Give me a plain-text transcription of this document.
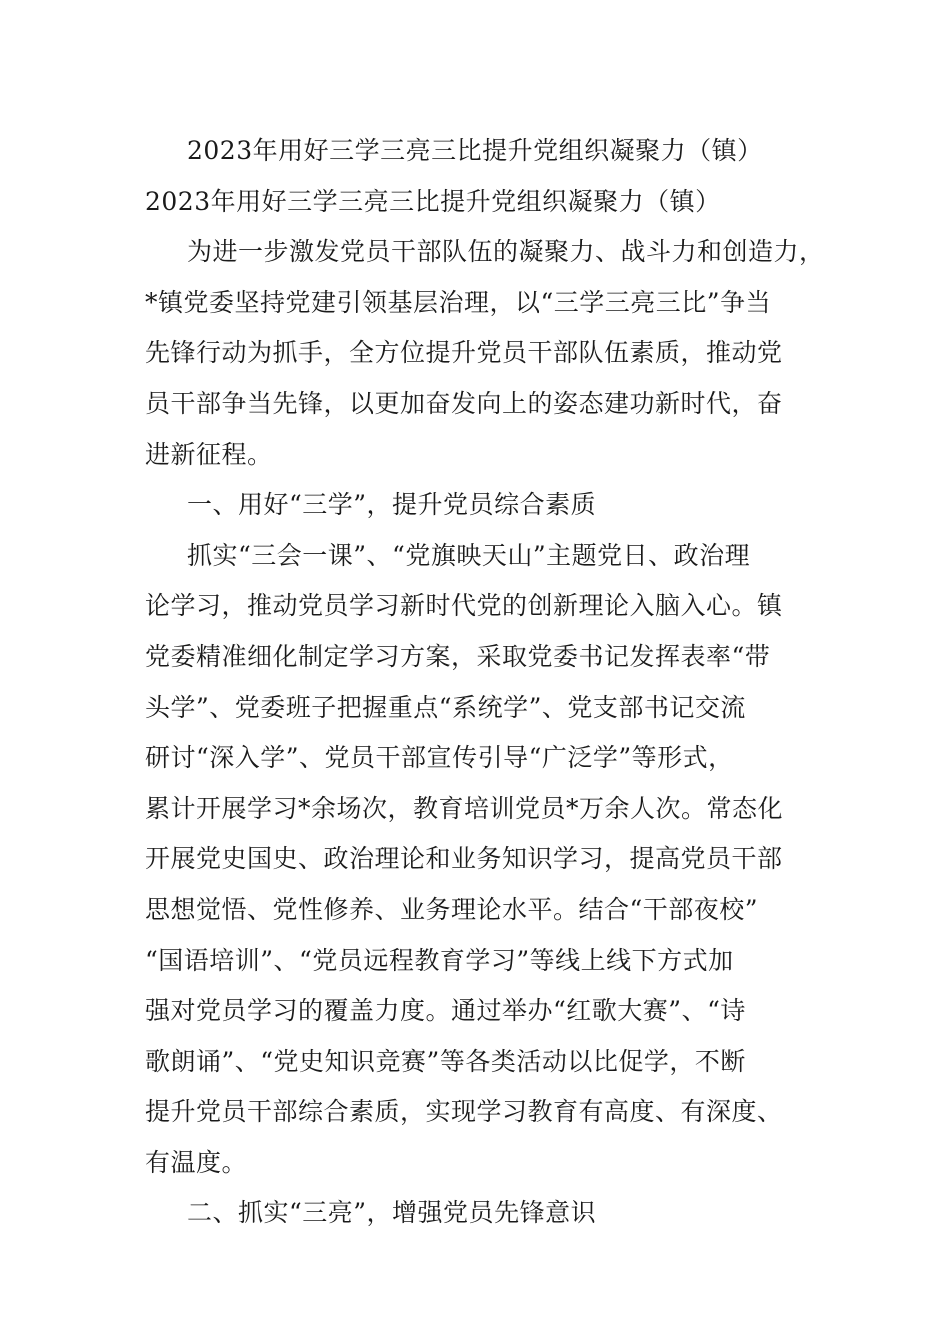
2023年用好三学三亮三比提升党组织凝聚力（镇）
2023年用好三学三亮三比提升党组织凝聚力（镇）
为进一步激发党员干部队伍的凝聚力、战斗力和创造力，
*镇党委坚持党建引领基层治理，以“三学三亮三比”争当
先锋行动为抓手，全方位提升党员干部队伍素质，推动党
员干部争当先锋，以更加奋发向上的姿态建功新时代，奋
进新征程。
一、用好“三学”，提升党员综合素质
抓实“三会一课”、“党旗映天山”主题党日、政治理
论学习，推动党员学习新时代党的创新理论入脑入心。镇
党委精准细化制定学习方案，采取党委书记发挥表率“带
头学”、党委班子把握重点“系统学”、党支部书记交流
研讨“深入学”、党员干部宣传引导“广泛学”等形式，
累计开展学习*余场次，教育培训党员*万余人次。常态化
开展党史国史、政治理论和业务知识学习，提高党员干部
思想觉悟、党性修养、业务理论水平。结合“干部夜校”
“国语培训”、“党员远程教育学习”等线上线下方式加
强对党员学习的覆盖力度。通过举办“红歌大赛”、“诗
歌朗诵”、“党史知识竞赛”等各类活动以比促学，不断
提升党员干部综合素质，实现学习教育有高度、有深度、
有温度。
二、抓实“三亮”，增强党员先锋意识
